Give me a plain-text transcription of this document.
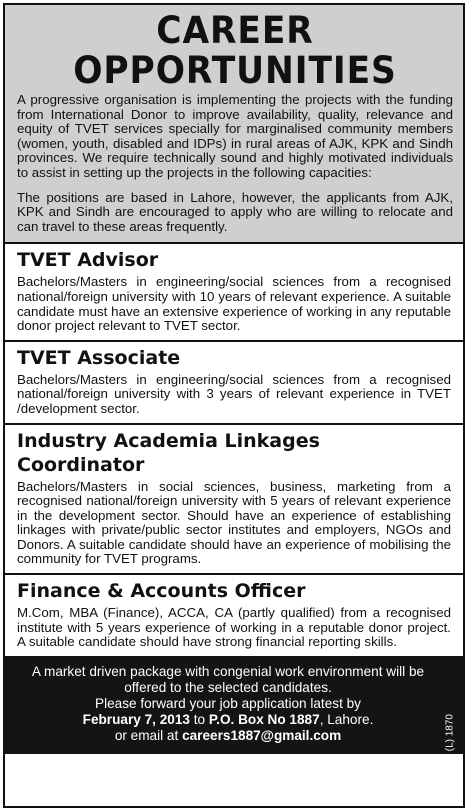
CAREER OPPORTUNITIES

A progressive organisation is implementing the projects with the funding from International Donor to improve availability, quality, relevance and equity of TVET services specially for marginalised community members (women, youth, disabled and IDPs) in rural areas of AJK, KPK and Sindh provinces. We require technically sound and highly motivated individuals to assist in setting up the projects in the following capacities:

The positions are based in Lahore, however, the applicants from AJK, KPK and Sindh are encouraged to apply who are willing to relocate and can travel to these areas frequently.

TVET Advisor

Bachelors/Masters in engineering/social sciences from a recognised national/foreign university with 10 years of relevant experience. A suitable candidate must have an extensive experience of working in any reputable donor project relevant to TVET sector.

TVET Associate

Bachelors/Masters in engineering/social sciences from a recognised national/foreign university with 3 years of relevant experience in TVET /development sector.

Industry Academia Linkages Coordinator

Bachelors/Masters in social sciences, business, marketing from a recognised national/foreign university with 5 years of relevant experience in the development sector. Should have an experience of establishing linkages with private/public sector institutes and employers, NGOs and Donors. A suitable candidate should have an experience of mobilising the community for TVET programs.

Finance & Accounts Officer

M.Com, MBA (Finance), ACCA, CA (partly qualified) from a recognised institute with 5 years experience of working in a reputable donor project. A suitable candidate should have strong financial reporting skills.

A market driven package with congenial work environment will be offered to the selected candidates.

Please forward your job application latest by

February 7, 2013 to P.O. Box No 1887, Lahore.

or email at careers1887@gmail.com	PID (L) 1870
